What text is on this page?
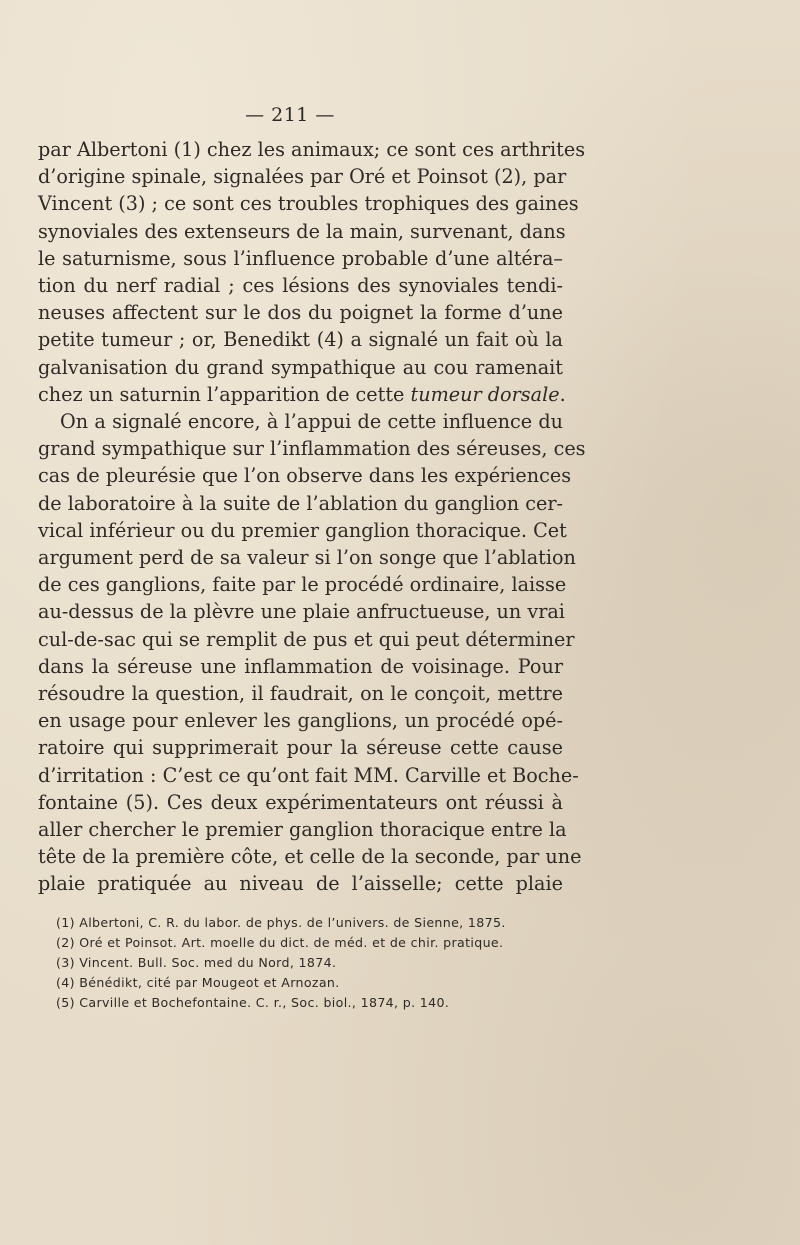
— 211 —

par Albertoni (1) chez les animaux; ce sont ces arthrites
d’origine spinale, signalées par Oré et Poinsot (2), par
Vincent (3) ; ce sont ces troubles trophiques des gaines
synoviales des extenseurs de la main, survenant, dans
le saturnisme, sous l’influence probable d’une altéra–
tion du nerf radial ; ces lésions des synoviales tendi-
neuses affectent sur le dos du poignet la forme d’une
petite tumeur ; or, Benedikt (4) a signalé un fait où la
galvanisation du grand sympathique au cou ramenait
chez un saturnin l’apparition de cette tumeur dorsale.

On a signalé encore, à l’appui de cette influence du
grand sympathique sur l’inflammation des séreuses, ces
cas de pleurésie que l’on observe dans les expériences
de laboratoire à la suite de l’ablation du ganglion cer-
vical inférieur ou du premier ganglion thoracique. Cet
argument perd de sa valeur si l’on songe que l’ablation
de ces ganglions, faite par le procédé ordinaire, laisse
au-dessus de la plèvre une plaie anfructueuse, un vrai
cul-de-sac qui se remplit de pus et qui peut déterminer
dans la séreuse une inflammation de voisinage. Pour
résoudre la question, il faudrait, on le conçoit, mettre
en usage pour enlever les ganglions, un procédé opé-
ratoire qui supprimerait pour la séreuse cette cause
d’irritation : C’est ce qu’ont fait MM. Carville et Boche-
fontaine (5). Ces deux expérimentateurs ont réussi à
aller chercher le premier ganglion thoracique entre la
tête de la première côte, et celle de la seconde, par une
plaie pratiquée au niveau de l’aisselle; cette plaie

(1) Albertoni, C. R. du labor. de phys. de l’univers. de Sienne, 1875.
(2) Oré et Poinsot. Art. moelle du dict. de méd. et de chir. pratique.
(3) Vincent. Bull. Soc. med du Nord, 1874.
(4) Bénédikt, cité par Mougeot et Arnozan.
(5) Carville et Bochefontaine. C. r., Soc. biol., 1874, p. 140.
